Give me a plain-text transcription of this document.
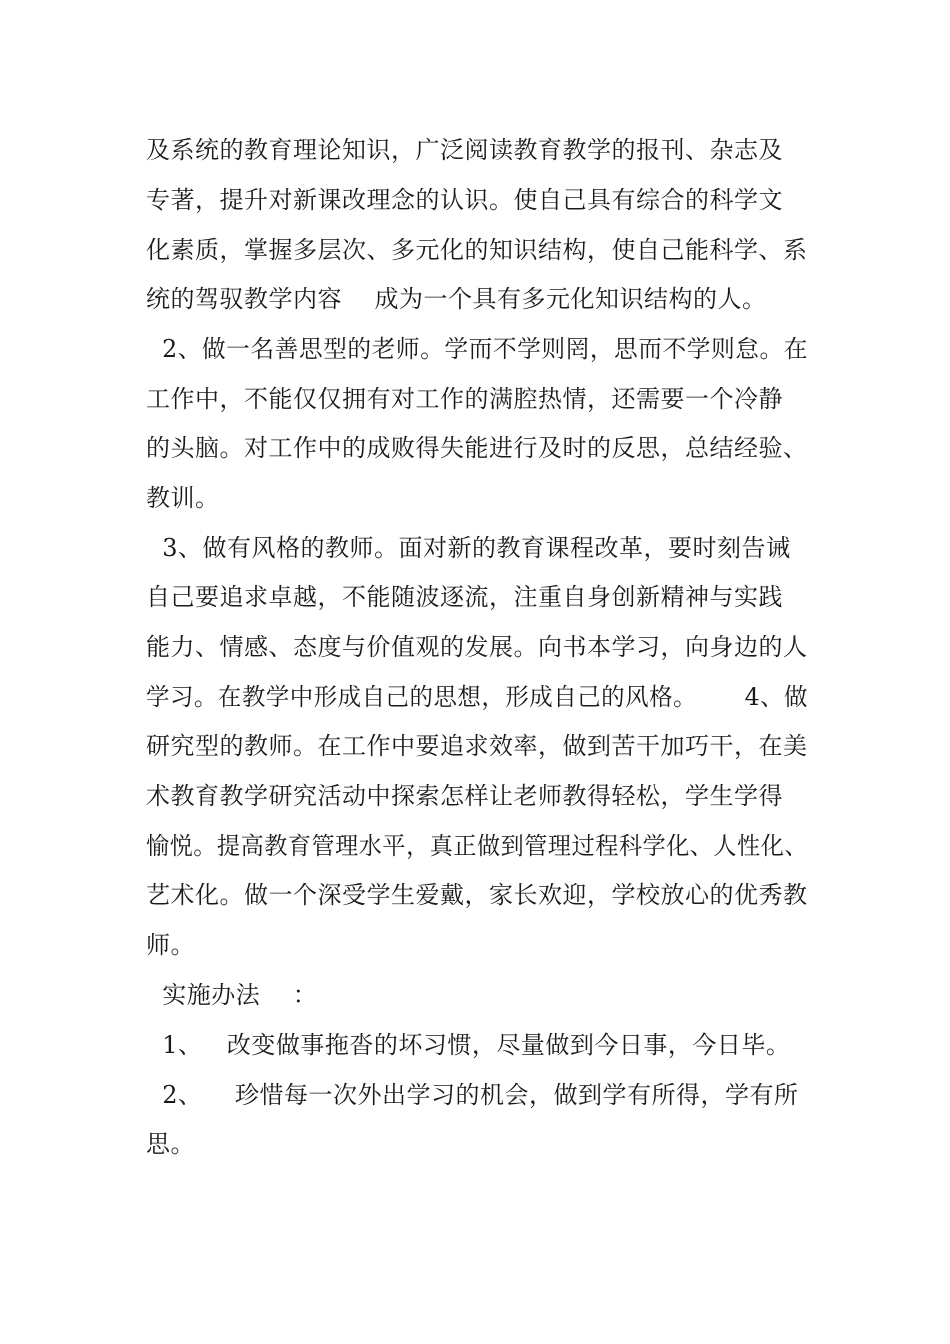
及系统的教育理论知识，广泛阅读教育教学的报刊、杂志及
专著，提升对新课改理念的认识。使自己具有综合的科学文
化素质，掌握多层次、多元化的知识结构，使自己能科学、系
统的驾驭教学内容    成为一个具有多元化知识结构的人。
2、做一名善思型的老师。学而不学则罔，思而不学则怠。在
工作中，不能仅仅拥有对工作的满腔热情，还需要一个冷静
的头脑。对工作中的成败得失能进行及时的反思，总结经验、
教训。
3、做有风格的教师。面对新的教育课程改革，要时刻告诫
自己要追求卓越，不能随波逐流，注重自身创新精神与实践
能力、情感、态度与价值观的发展。向书本学习，向身边的人
学习。在教学中形成自己的思想，形成自己的风格。      4、做
研究型的教师。在工作中要追求效率，做到苦干加巧干，在美
术教育教学研究活动中探索怎样让老师教得轻松，学生学得
愉悦。提高教育管理水平，真正做到管理过程科学化、人性化、
艺术化。做一个深受学生爱戴，家长欢迎，学校放心的优秀教
师。
实施办法    ：
1、   改变做事拖沓的坏习惯，尽量做到今日事，今日毕。
2、    珍惜每一次外出学习的机会，做到学有所得，学有所
思。
